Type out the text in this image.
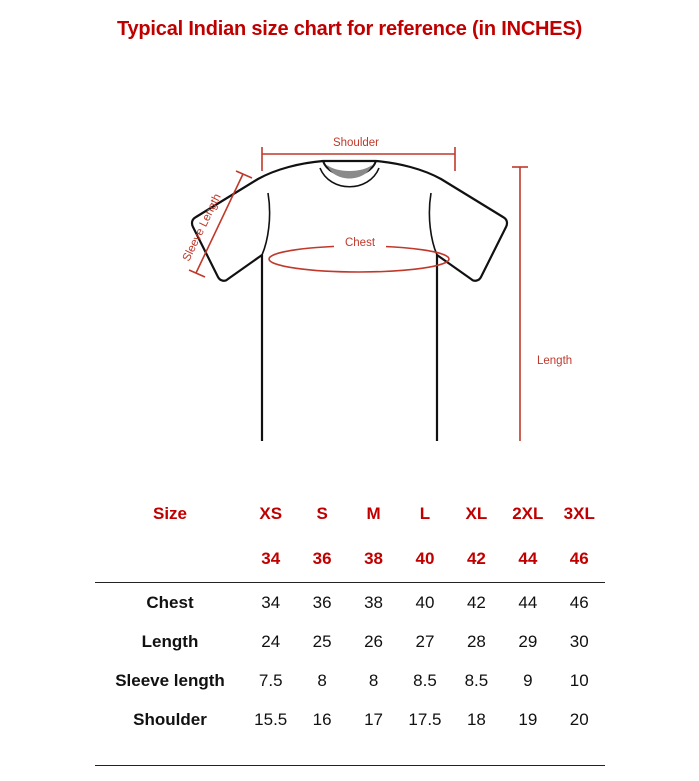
Typical Indian size chart for reference (in INCHES)
Shoulder
Sleeve Length	Chest
Length
Size	XS	S	M	L	XL	2XL	3XL
	34	36	38	40	42	44	46
Chest	34	36	38	40	42	44	46
Length	24	25	26	27	28	29	30
Sleeve length	7.5	8	8	8.5	8.5	9	10
Shoulder	15.5	16	17	17.5	18	19	20
